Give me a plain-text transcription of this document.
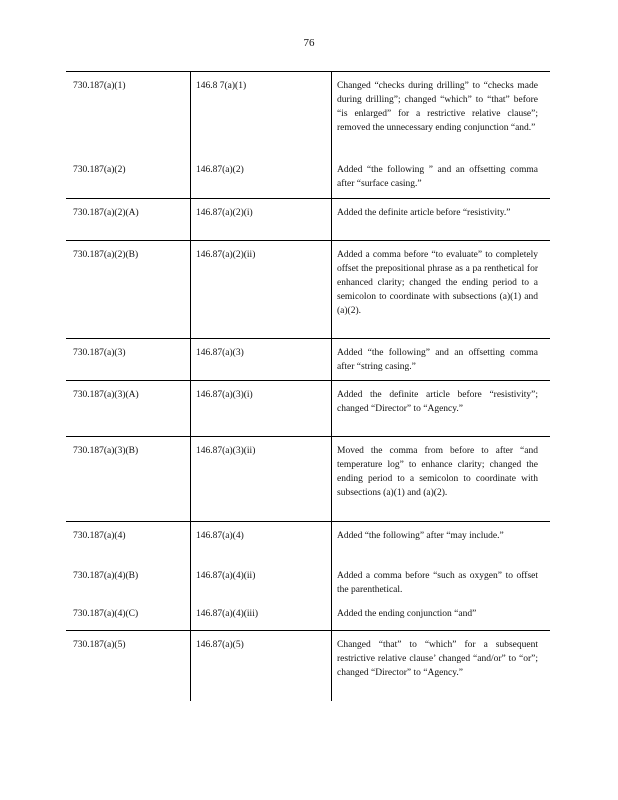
76
730.187(a)(1)	146.8 7(a)(1)	Changed “checks during drilling” to “checks made during drilling”; changed “which” to “that” before “is enlarged” for a restrictive relative clause”; removed the unnecessary ending conjunction “and.”
730.187(a)(2)	146.87(a)(2)	Added “the following ” and an offsetting comma after “surface casing.”
730.187(a)(2)(A)	146.87(a)(2)(i)	Added the definite article before “resistivity.”
730.187(a)(2)(B)	146.87(a)(2)(ii)	Added a comma before “to evaluate” to completely offset the prepositional phrase as a pa renthetical for enhanced clarity; changed the ending period to a semicolon to coordinate with subsections (a)(1) and (a)(2).
730.187(a)(3)	146.87(a)(3)	Added “the following” and an offsetting comma after “string casing.”
730.187(a)(3)(A)	146.87(a)(3)(i)	Added the definite article before “resistivity”; changed “Director” to “Agency.”
730.187(a)(3)(B)	146.87(a)(3)(ii)	Moved the comma from before to after “and temperature log” to enhance clarity; changed the ending period to a semicolon to coordinate with subsections (a)(1) and (a)(2).
730.187(a)(4)	146.87(a)(4)	Added “the following” after “may include.”
730.187(a)(4)(B)	146.87(a)(4)(ii)	Added a comma before “such as oxygen” to offset the parenthetical.
730.187(a)(4)(C)	146.87(a)(4)(iii)	Added the ending conjunction “and”
730.187(a)(5)	146.87(a)(5)	Changed “that” to “which” for a subsequent restrictive relative clause’ changed “and/or” to “or”; changed “Director” to “Agency.”
